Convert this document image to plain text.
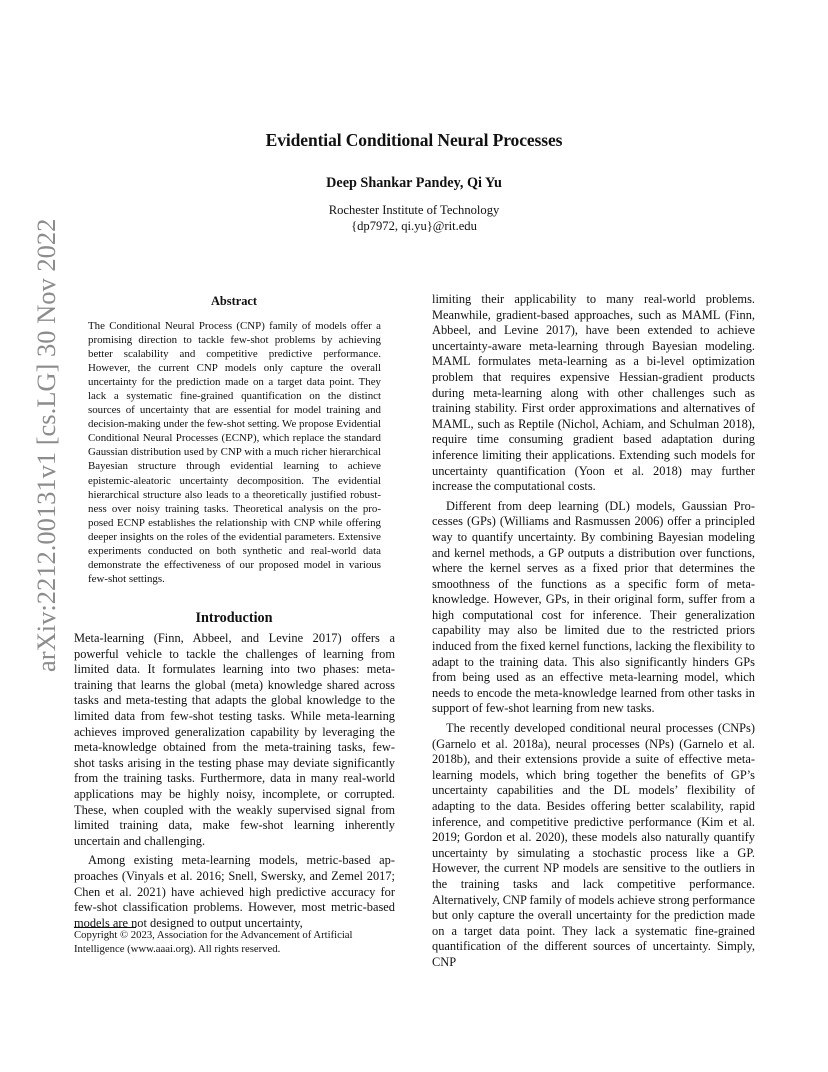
arXiv:2212.00131v1 [cs.LG] 30 Nov 2022
Evidential Conditional Neural Processes
Deep Shankar Pandey, Qi Yu
Rochester Institute of Technology
{dp7972, qi.yu}@rit.edu
Abstract
The Conditional Neural Process (CNP) family of models offer a promising direction to tackle few-shot problems by achieving better scalability and competitive predictive performance. However, the current CNP models only capture the overall uncertainty for the prediction made on a target data point. They lack a systematic fine-grained quantification on the distinct sources of uncertainty that are essential for model training and decision-making under the few-shot setting. We propose Evidential Conditional Neural Processes (ECNP), which replace the standard Gaussian distribution used by CNP with a much richer hierarchical Bayesian structure through evidential learning to achieve epistemic-aleatoric uncertainty decomposition. The evidential hierarchical structure also leads to a theoretically justified robustness over noisy training tasks. Theoretical analysis on the proposed ECNP establishes the relationship with CNP while offering deeper insights on the roles of the evidential parameters. Extensive experiments conducted on both synthetic and real-world data demonstrate the effectiveness of our proposed model in various few-shot settings.
Introduction

Meta-learning (Finn, Abbeel, and Levine 2017) offers a powerful vehicle to tackle the challenges of learning from limited data. It formulates learning into two phases: meta-training that learns the global (meta) knowledge shared across tasks and meta-testing that adapts the global knowledge to the limited data from few-shot testing tasks. While meta-learning achieves improved generalization capability by leveraging the meta-knowledge obtained from the meta-training tasks, few-shot tasks arising in the testing phase may deviate significantly from the training tasks. Furthermore, data in many real-world applications may be highly noisy, incomplete, or corrupted. These, when coupled with the weakly supervised signal from limited training data, make few-shot learning inherently uncertain and challenging.

Among existing meta-learning models, metric-based approaches (Vinyals et al. 2016; Snell, Swersky, and Zemel 2017; Chen et al. 2021) have achieved high predictive accuracy for few-shot classification problems. However, most metric-based models are not designed to output uncertainty,

limiting their applicability to many real-world problems. Meanwhile, gradient-based approaches, such as MAML (Finn, Abbeel, and Levine 2017), have been extended to achieve uncertainty-aware meta-learning through Bayesian modeling. MAML formulates meta-learning as a bi-level optimization problem that requires expensive Hessian-gradient products during meta-learning along with other challenges such as training stability. First order approximations and alternatives of MAML, such as Reptile (Nichol, Achiam, and Schulman 2018), require time consuming gradient based adaptation during inference limiting their applications. Extending such models for uncertainty quantification (Yoon et al. 2018) may further increase the computational costs.

Different from deep learning (DL) models, Gaussian Processes (GPs) (Williams and Rasmussen 2006) offer a principled way to quantify uncertainty. By combining Bayesian modeling and kernel methods, a GP outputs a distribution over functions, where the kernel serves as a fixed prior that determines the smoothness of the functions as a specific form of meta-knowledge. However, GPs, in their original form, suffer from a high computational cost for inference. Their generalization capability may also be limited due to the restricted priors induced from the fixed kernel functions, lacking the flexibility to adapt to the training data. This also significantly hinders GPs from being used as an effective meta-learning model, which needs to encode the meta-knowledge learned from other tasks in support of few-shot learning from new tasks.

The recently developed conditional neural processes (CNPs) (Garnelo et al. 2018a), neural processes (NPs) (Garnelo et al. 2018b), and their extensions provide a suite of effective meta-learning models, which bring together the benefits of GP’s uncertainty capabilities and the DL models’ flexibility of adapting to the data. Besides offering better scalability, rapid inference, and competitive predictive performance (Kim et al. 2019; Gordon et al. 2020), these models also naturally quantify uncertainty by simulating a stochastic process like a GP. However, the current NP models are sensitive to the outliers in the training tasks and lack competitive performance. Alternatively, CNP family of models achieve strong performance but only capture the overall uncertainty for the prediction made on a target data point. They lack a systematic fine-grained quantification of the different sources of uncertainty. Simply, CNP

Copyright © 2023, Association for the Advancement of Artificial Intelligence (www.aaai.org). All rights reserved.
